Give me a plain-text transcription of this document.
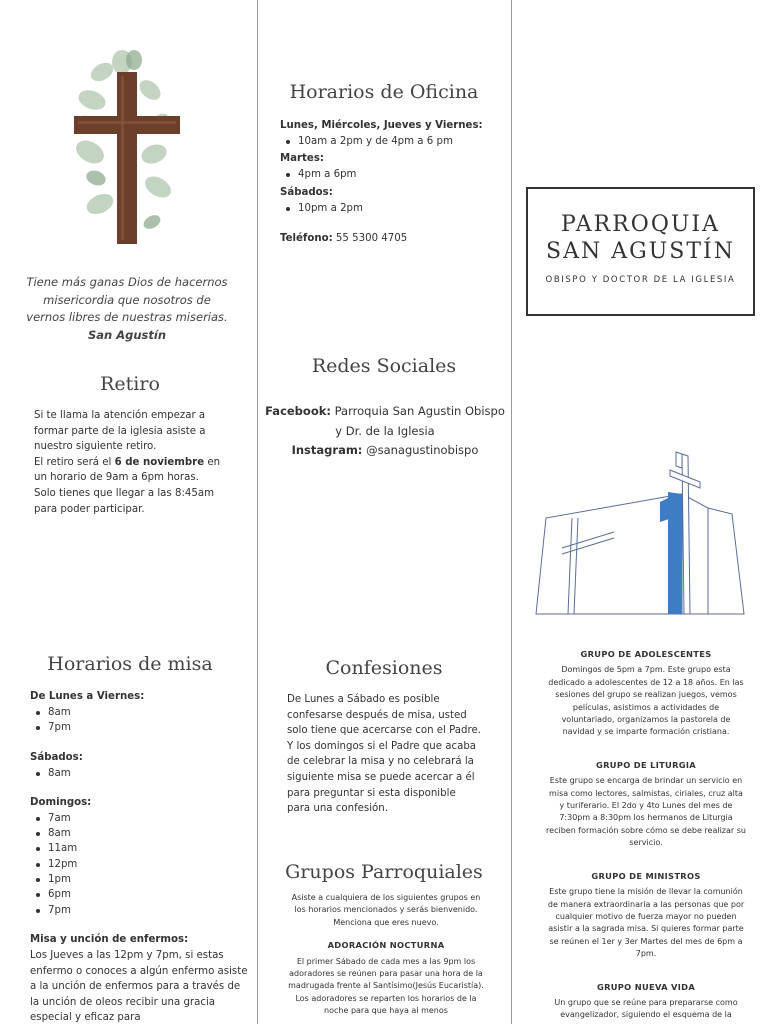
Tiene más ganas Dios de hacernos misericordia que nosotros de vernos libres de nuestras miserias.
San Agustín
Retiro
Si te llama la atención empezar a formar parte de la iglesia asiste a nuestro siguiente retiro.
El retiro será el 6 de noviembre en un horario de 9am a 6pm horas.
Solo tienes que llegar a las 8:45am para poder participar.
Horarios de misa
De Lunes a Viernes:
8am
7pm
Sábados:
8am
Domingos:
7am
8am
11am
12pm
1pm
6pm
7pm
Misa y unción de enfermos:
Los Jueves a las 12pm y 7pm, si estas enfermo o conoces a algún enfermo asiste a la unción de enfermos para a través de la unción de oleos recibir una gracia especial y eficaz para
Horarios de Oficina
Lunes, Miércoles, Jueves y Viernes:
10am a 2pm y de 4pm a 6 pm
Martes:
4pm a 6pm
Sábados:
10pm a 2pm
Teléfono: 55 5300 4705
Redes Sociales
Facebook: Parroquia San Agustin Obispo y Dr. de la Iglesia
Instagram: @sanagustinobispo
Confesiones
De Lunes a Sábado es posible confesarse después de misa, usted solo tiene que acercarse con el Padre. Y los domingos si el Padre que acaba de celebrar la misa y no celebrará la siguiente misa se puede acercar a él para preguntar si esta disponible para una confesión.
Grupos Parroquiales

Asiste a cualquiera de los siguientes grupos en los horarios mencionados y serás bienvenido. Menciona que eres nuevo.

ADORACIÓN NOCTURNA

El primer Sábado de cada mes a las 9pm los adoradores se reúnen para pasar una hora de la madrugada frente al Santísimo(Jesús Eucaristía). Los adoradores se reparten los horarios de la noche para que haya al menos

PARROQUIA
SAN AGUSTÍN
OBISPO Y DOCTOR DE LA IGLESIA
GRUPO DE ADOLESCENTES

Domingos de 5pm a 7pm. Este grupo esta dedicado a adolescentes de 12 a 18 años. En las sesiones del grupo se realizan juegos, vemos películas, asistimos a actividades de voluntariado, organizamos la pastorela de navidad y se imparte formación cristiana.

GRUPO DE LITURGIA

Este grupo se encarga de brindar un servicio en misa como lectores, salmistas, ciriales, cruz alta y turiferario. El 2do y 4to Lunes del mes de 7:30pm a 8:30pm los hermanos de Liturgia reciben formación sobre cómo se debe realizar su servicio.

GRUPO DE MINISTROS

Este grupo tiene la misión de llevar la comunión de manera extraordinaria a las personas que por cualquier motivo de fuerza mayor no pueden asistir a la sagrada misa. Si quieres formar parte se reúnen el 1er y 3er Martes del mes de 6pm a 7pm.

GRUPO NUEVA VIDA

Un grupo que se reúne para prepararse como evangelizador, siguiendo el esquema de la
